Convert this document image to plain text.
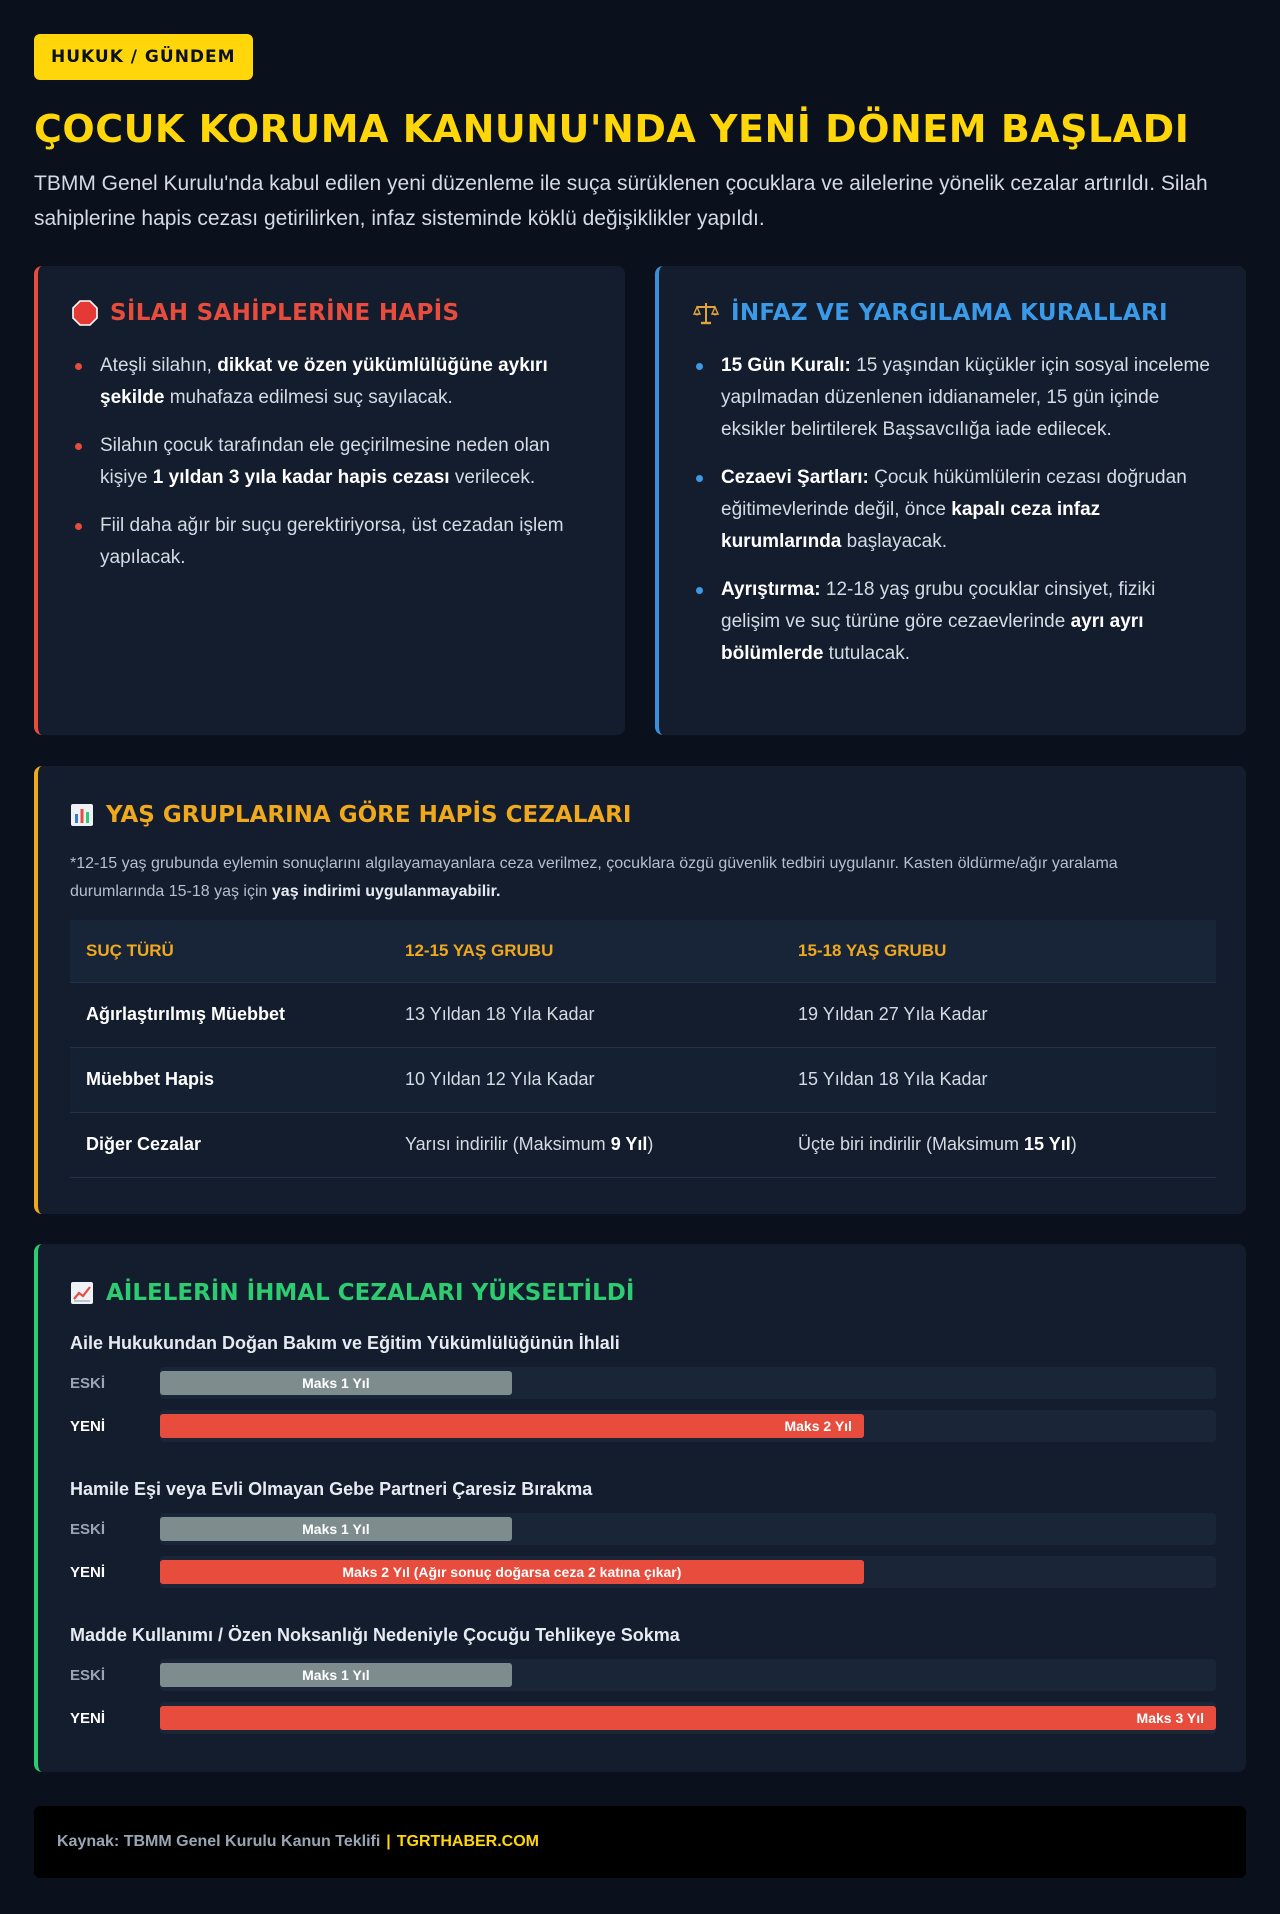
HUKUK / GÜNDEM
ÇOCUK KORUMA KANUNU'NDA YENİ DÖNEM BAŞLADI

TBMM Genel Kurulu'nda kabul edilen yeni düzenleme ile suça sürüklenen çocuklara ve ailelerine yönelik cezalar artırıldı. Silah sahiplerine hapis cezası getirilirken, infaz sisteminde köklü değişiklikler yapıldı.

SİLAH SAHİPLERİNE HAPİS
Ateşli silahın, dikkat ve özen yükümlülüğüne aykırı şekilde muhafaza edilmesi suç sayılacak.
Silahın çocuk tarafından ele geçirilmesine neden olan kişiye 1 yıldan 3 yıla kadar hapis cezası verilecek.
Fiil daha ağır bir suçu gerektiriyorsa, üst cezadan işlem yapılacak.
İNFAZ VE YARGILAMA KURALLARI
15 Gün Kuralı: 15 yaşından küçükler için sosyal inceleme yapılmadan düzenlenen iddianameler, 15 gün içinde eksikler belirtilerek Başsavcılığa iade edilecek.
Cezaevi Şartları: Çocuk hükümlülerin cezası doğrudan eğitimevlerinde değil, önce kapalı ceza infaz kurumlarında başlayacak.
Ayrıştırma: 12-18 yaş grubu çocuklar cinsiyet, fiziki gelişim ve suç türüne göre cezaevlerinde ayrı ayrı bölümlerde tutulacak.
YAŞ GRUPLARINA GÖRE HAPİS CEZALARI

*12-15 yaş grubunda eylemin sonuçlarını algılayamayanlara ceza verilmez, çocuklara özgü güvenlik tedbiri uygulanır. Kasten öldürme/ağır yaralama durumlarında 15-18 yaş için yaş indirimi uygulanmayabilir.

SUÇ TÜRÜ	12-15 YAŞ GRUBU	15-18 YAŞ GRUBU
Ağırlaştırılmış Müebbet	13 Yıldan 18 Yıla Kadar	19 Yıldan 27 Yıla Kadar
Müebbet Hapis	10 Yıldan 12 Yıla Kadar	15 Yıldan 18 Yıla Kadar
Diğer Cezalar	Yarısı indirilir (Maksimum 9 Yıl)	Üçte biri indirilir (Maksimum 15 Yıl)
AİLELERİN İHMAL CEZALARI YÜKSELTİLDİ
Aile Hukukundan Doğan Bakım ve Eğitim Yükümlülüğünün İhlali
ESKİ	Maks 1 Yıl
YENİ	Maks 2 Yıl
Hamile Eşi veya Evli Olmayan Gebe Partneri Çaresiz Bırakma
ESKİ	Maks 1 Yıl
YENİ	Maks 2 Yıl (Ağır sonuç doğarsa ceza 2 katına çıkar)
Madde Kullanımı / Özen Noksanlığı Nedeniyle Çocuğu Tehlikeye Sokma
ESKİ	Maks 1 Yıl
YENİ	Maks 3 Yıl
Kaynak: TBMM Genel Kurulu Kanun Teklifi | TGRTHABER.COM
